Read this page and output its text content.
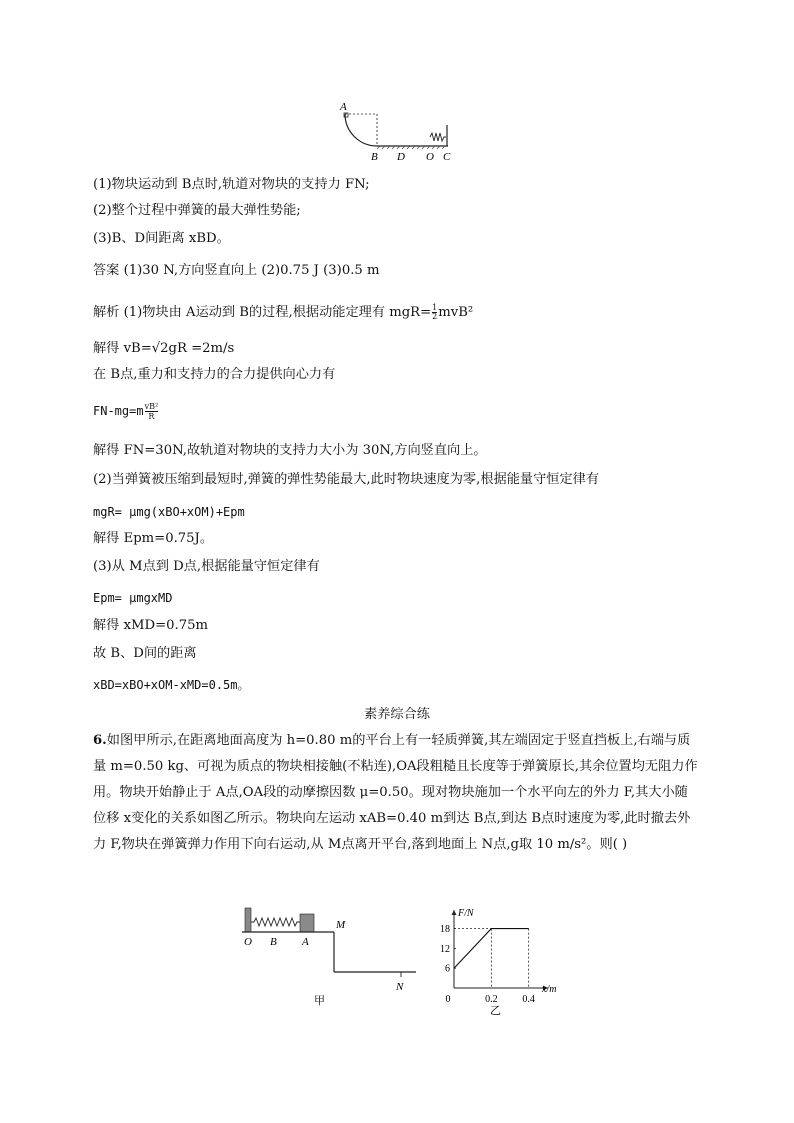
A
B D O C
(1)物块运动到 B点时,轨道对物块的支持力 FN;
(2)整个过程中弹簧的最大弹性势能;
(3)B、D间距离 xBD。
答案 (1)30 N,方向竖直向上 (2)0.75 J (3)0.5 m
解析 (1)物块由 A运动到 B的过程,根据动能定理有 $mgR= \frac{1}{2} mvB^2$
解得 vB=√2gR =2m/s
在 B点,重力和支持力的合力提供向心力有
$FN-mg=m \frac{\text{vB²}}{R}$
解得 FN=30N,故轨道对物块的支持力大小为 30N,方向竖直向上。
(2)当弹簧被压缩到最短时,弹簧的弹性势能最大,此时物块速度为零,根据能量守恒定律有
mgR= μmg(xBO+xOM)+Epm
解得 Epm=0.75J。
(3)从 M点到 D点,根据能量守恒定律有
Epm= μmgxMD
解得 xMD=0.75m
故 B、D间的距离
xBD=xBO+xOM-xMD=0.5m。
素养综合练
6.如图甲所示,在距离地面高度为 h=0.80 m的平台上有一轻质弹簧,其左端固定于竖直挡板上,右端与质量 m=0.50 kg、可视为质点的物块相接触(不粘连),OA段粗糙且长度等于弹簧原长,其余位置均无阻力作用。物块开始静止于 A点,OA段的动摩擦因数 μ=0.50。现对物块施加一个水平向左的外力 F,其大小随位移 x变化的关系如图乙所示。物块向左运动 xAB=0.40 m到达 B点,到达 B点时速度为零,此时撤去外力 F,物块在弹簧弹力作用下向右运动,从 M点离开平台,落到地面上 N点,g取 10 m/s²。则( )
O B A
M
N
甲
F/N
x/m
6
12
18
0	0.2 0.4
乙
